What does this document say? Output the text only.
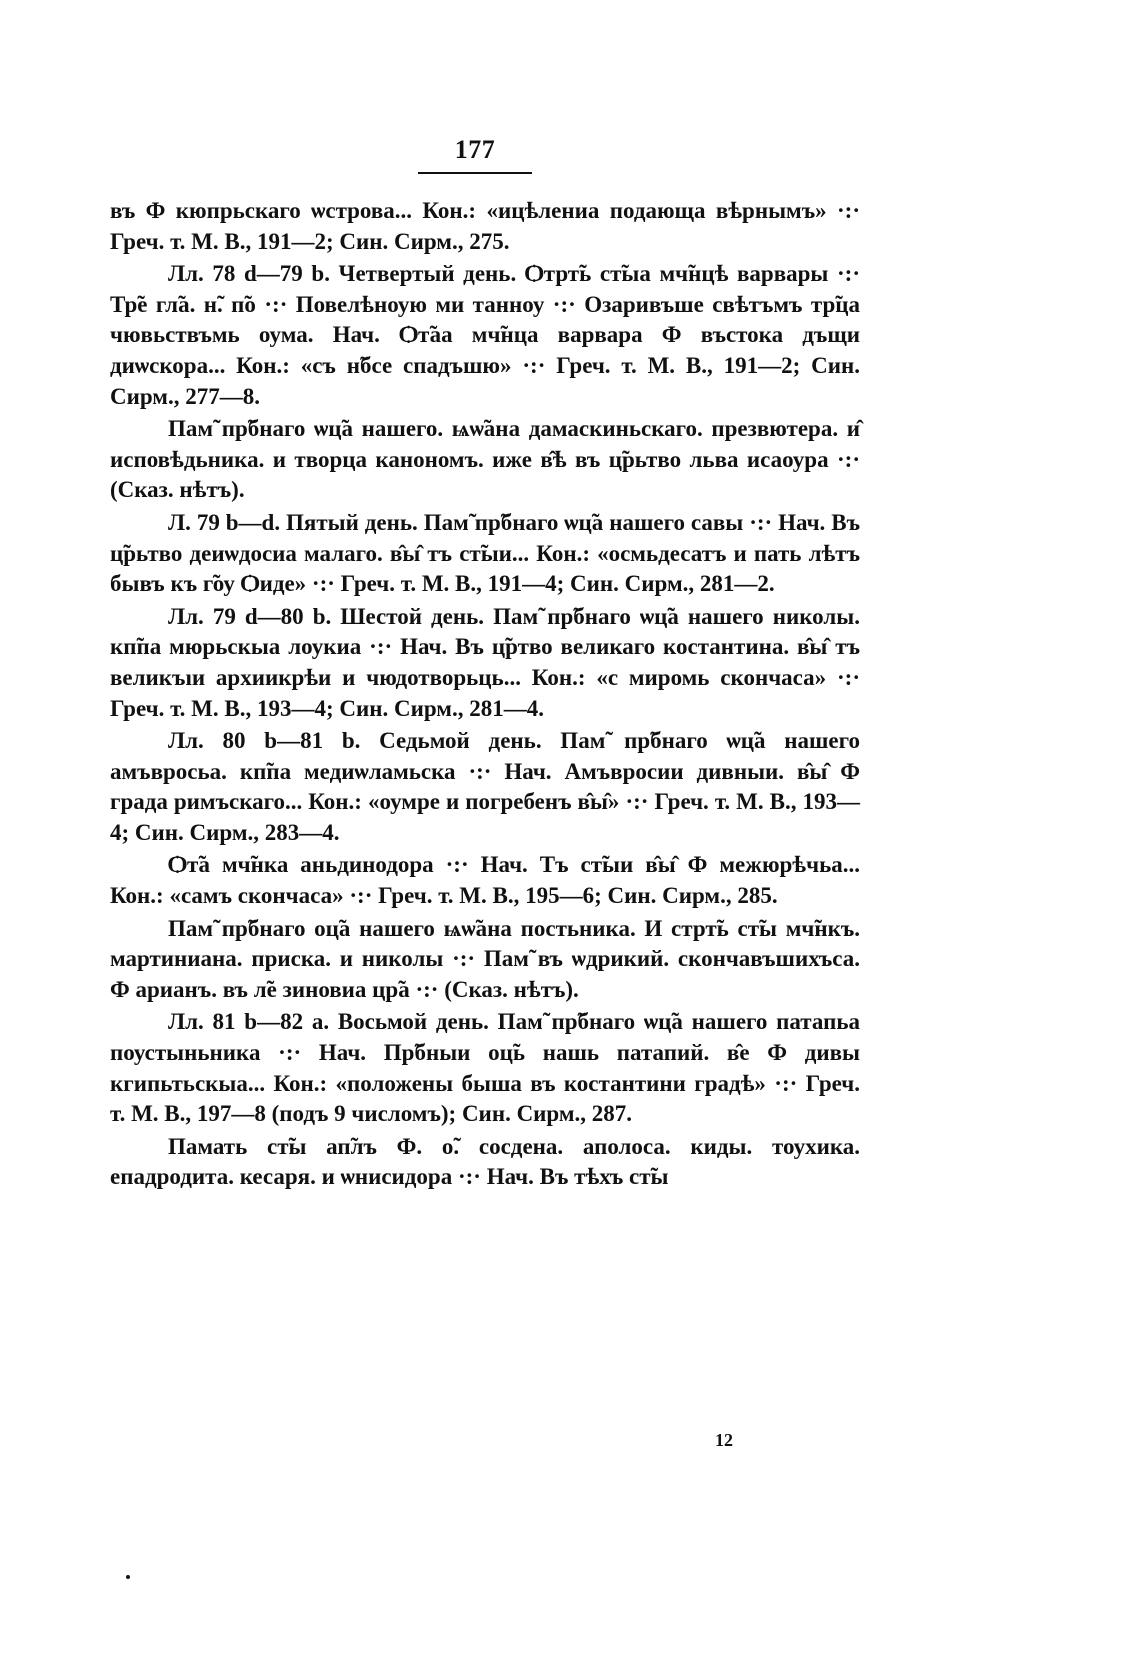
177

въ Ф кюпрьскаго ѡстрова... Кон.: «ицѣлениа подающа вѣрнымъ» ·:· Греч. т. М. В., 191—2; Син. Сирм., 275.

Лл. 78 d—79 b. Четвертый день. Ѻтрт̃ь ст̃ыа мч̃нцѣ варвары ·:· Тр̃е гл̃а. н̃. п̃о ·:· Повелѣноую ми танноу ·:· Озаривъше свѣтъмъ тр̃ца чювьствъмь оума. Нач. Ѻт̃аа мч̃нца варвара Ф въстока дъщи диѡскора... Кон.: «съ н̃бсе спадъшю» ·:· Греч. т. М. В., 191—2; Син. Сирм., 277—8.

Пам̃ пр̃бнаго ѡц̃а нашего. ѩѡ̃ана дамаскиньскаго. презвютера. и̂ исповѣдьника. и творца канономъ. иже в̂ѣ въ ц̃рьтво льва исаоура ·:· (Сказ. нѣтъ).

Л. 79 b—d. Пятый день. Пам̃ пр̃бнаго ѡц̃а нашего савы ·:· Нач. Въ ц̃рьтво деиѡдосиа малаго. в̂ы̂ тъ ст̃ыи... Кон.: «осмьдесатъ и пать лѣтъ бывъ къ г̃оу Ѻиде» ·:· Греч. т. М. В., 191—4; Син. Сирм., 281—2.

Лл. 79 d—80 b. Шестой день. Пам̃ пр̃бнаго ѡц̃а нашего николы. кп̃па мюрьскыа лоукиа ·:· Нач. Въ ц̃ртво великаго костантина. в̂ы̂ тъ великъıи архиикрѣи и чюдотворьць... Кон.: «с миромь скончаса» ·:· Греч. т. М. В., 193—4; Син. Сирм., 281—4.

Лл. 80 b—81 b. Седьмой день. Пам̃ пр̃бнаго ѡц̃а нашего амъвросьа. кп̃па медиѡламьска ·:· Нач. Амъвросии дивныи. в̂ы̂ Ф града римъскаго... Кон.: «оумре и погребенъ в̂ы̂» ·:· Греч. т. М. В., 193—4; Син. Сирм., 283—4.

Ѻт̃а мч̃нка аньдинодора ·:· Нач. Тъ ст̃ыи в̂ы̂ Ф межюрѣчьа... Кон.: «самъ скончаса» ·:· Греч. т. М. В., 195—6; Син. Сирм., 285.

Пам̃ пр̃бнаго оц̃а нашего ѩѡ̃ана постьника. И стрт̃ь ст̃ы мч̃нкъ. мартиниана. приска. и николы ·:· Пам̃ въ ѡдрикий. скончавъшихъса. Ф арианъ. въ л̃е зиновиа цр̃а ·:· (Сказ. нѣтъ).

Лл. 81 b—82 а. Восьмой день. Пам̃ пр̃бнаго ѡц̃а нашего патапьа поустыньника ·:· Нач. Пр̃бныи оц̃ь нашь патапий. в̂е Ф дивы кгипьтьскыа... Кон.: «положены быша въ костантини градѣ» ·:· Греч. т. М. В., 197—8 (подъ 9 числомъ); Син. Сирм., 287.

Памать ст̃ы ап̃лъ Ф. о̃. сосдена. аполоса. киды. тоухика. епадродита. кесаря. и ѡнисидора ·:· Нач. Въ тѣхъ ст̃ы

12
